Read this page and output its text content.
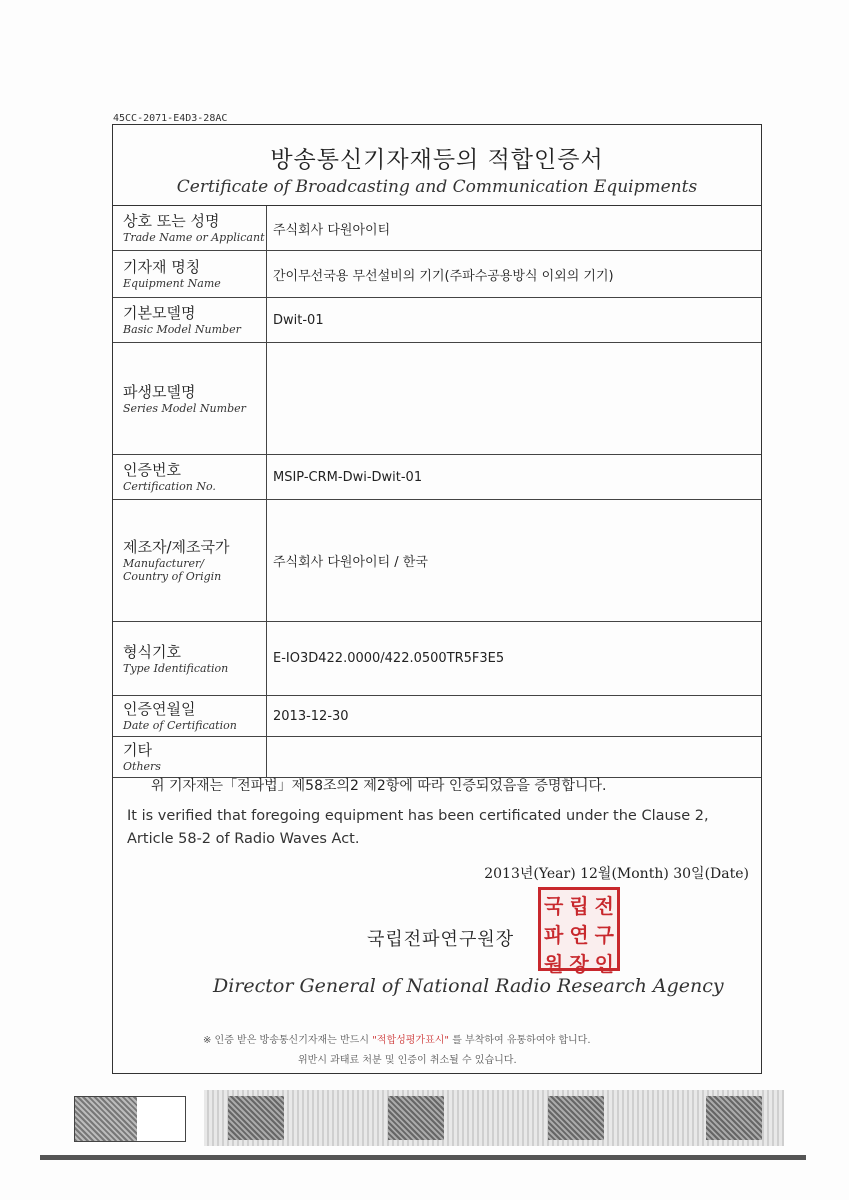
45CC-2071-E4D3-28AC
방송통신기자재등의 적합인증서
Certificate of Broadcasting and Communication Equipments
상호 또는 성명
Trade Name or Applicant 주식회사 다원아이티
기자재 명칭
Equipment Name	간이무선국용 무선설비의 기기(주파수공용방식 이외의 기기)
기본모델명
Basic Model Number
Dwit-01
파생모델명
Series Model Number
인증번호
Certification No.
MSIP-CRM-Dwi-Dwit-01
제조자/제조국가
Manufacturer/
Country of Origin
주식회사 다원아이티 / 한국
형식기호
Type Identification
E-IO3D422.0000/422.0500TR5F3E5
인증연월일
Date of Certification
2013-12-30
기타
Others
위 기자재는「전파법」제58조의2 제2항에 따라 인증되었음을 증명합니다.
It is verified that foregoing equipment has been certificated under the Clause 2, Article 58-2 of Radio Waves Act.
2013년(Year) 12월(Month) 30일(Date)
국립전파연구원장
국 립 전
파 연 구
원 장 인
Director General of National Radio Research Agency
※ 인증 받은 방송통신기자재는 반드시 "적합성평가표시" 를 부착하여 유통하여야 합니다.
위반시 과태료 처분 및 인증이 취소될 수 있습니다.
